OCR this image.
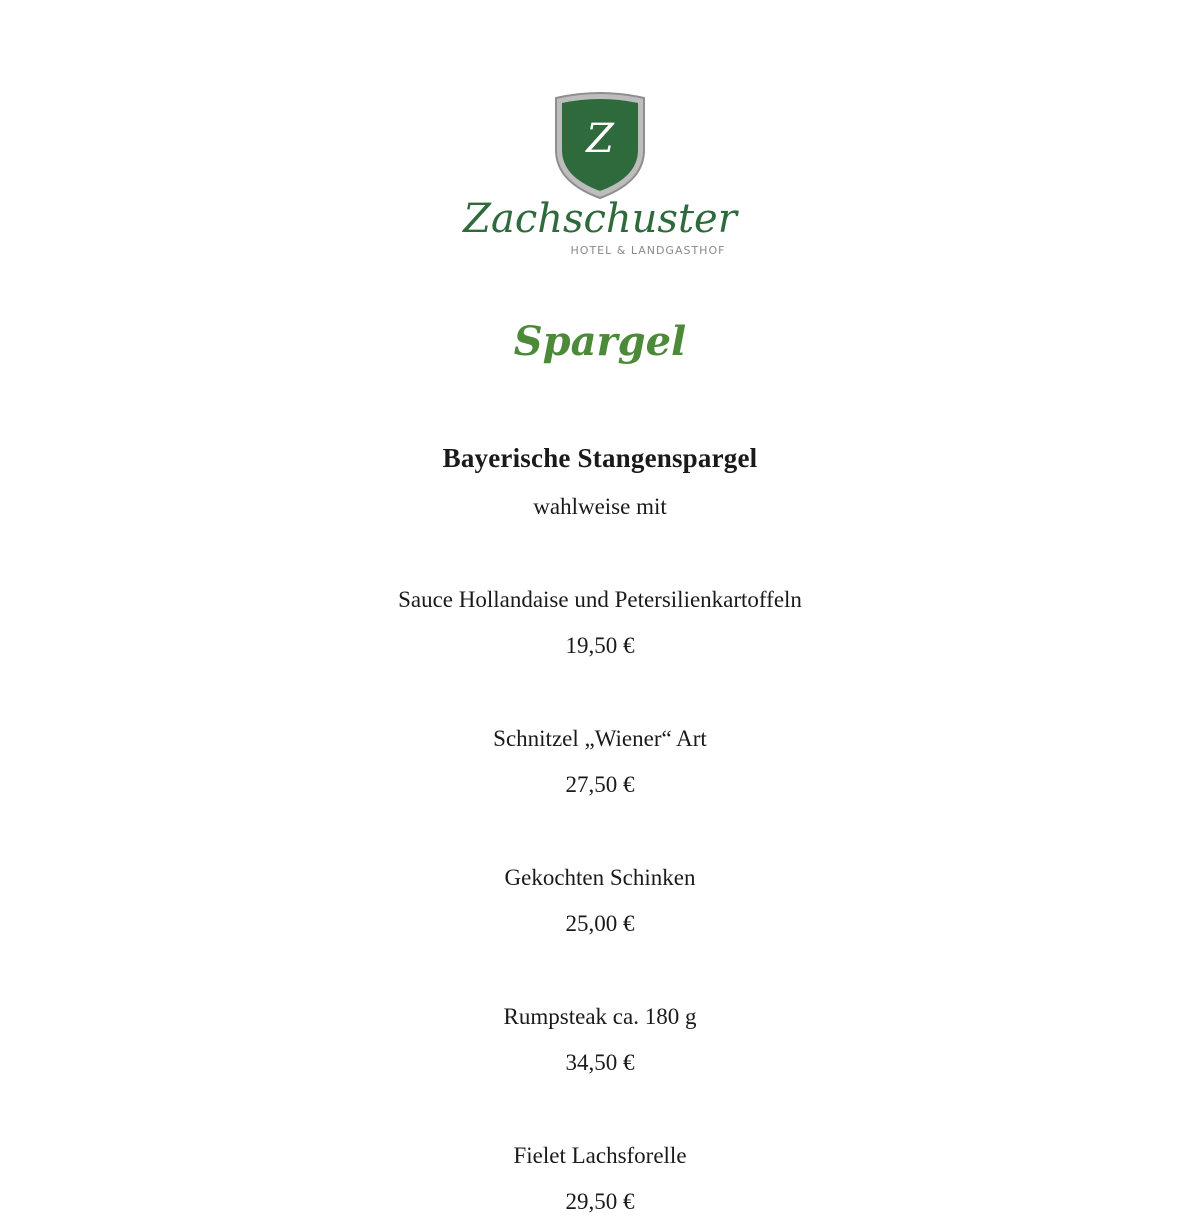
Z
Zachschuster
HOTEL & LANDGASTHOF
Spargel
Bayerische Stangenspargel
wahlweise mit
Sauce Hollandaise und Petersilienkartoffeln
19,50 €
Schnitzel „Wiener“ Art
27,50 €
Gekochten Schinken
25,00 €
Rumpsteak ca. 180 g
34,50 €
Fielet Lachsforelle
29,50 €
